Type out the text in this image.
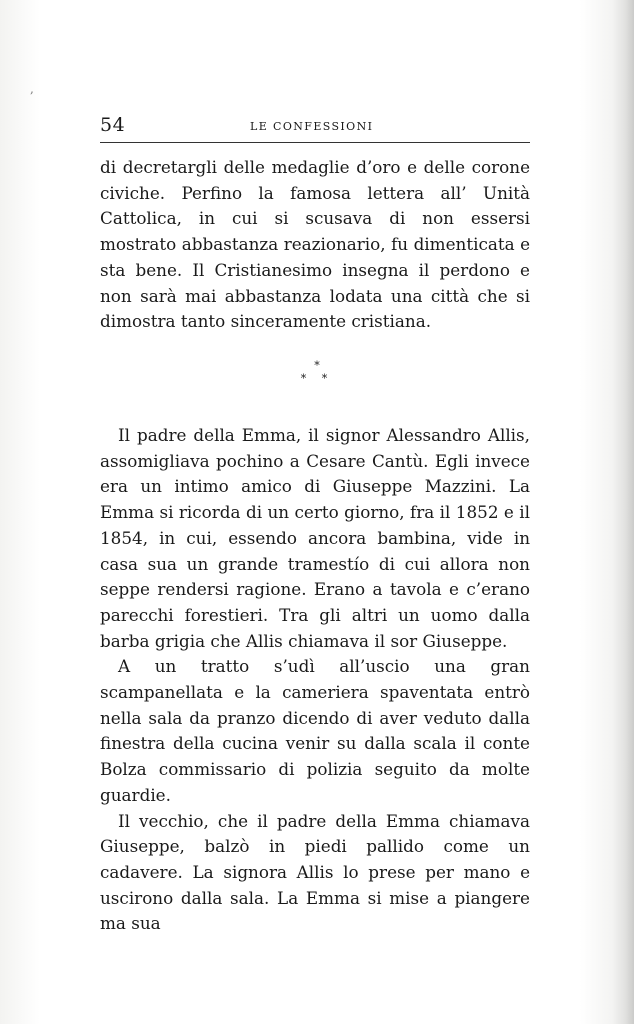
,
54	LE CONFESSIONI

di decretargli delle medaglie d’oro e delle corone civiche. Perfino la famosa lettera all’ Unità Cattolica, in cui si scusava di non essersi mostrato abbastanza reazionario, fu dimenticata e sta bene. Il Cristianesimo insegna il perdono e non sarà mai abbastanza lodata una città che si dimostra tanto sinceramente cristiana.

*
* *

Il padre della Emma, il signor Alessandro Allis, assomigliava pochino a Cesare Cantù. Egli invece era un intimo amico di Giuseppe Mazzini. La Emma si ricorda di un certo giorno, fra il 1852 e il 1854, in cui, essendo ancora bambina, vide in casa sua un grande tramestío di cui allora non seppe rendersi ragione. Erano a tavola e c’erano parecchi forestieri. Tra gli altri un uomo dalla barba grigia che Allis chiamava il sor Giuseppe.

A un tratto s’udì all’uscio una gran scampanellata e la cameriera spaventata entrò nella sala da pranzo dicendo di aver veduto dalla finestra della cucina venir su dalla scala il conte Bolza commissario di polizia seguito da molte guardie.

Il vecchio, che il padre della Emma chiamava Giuseppe, balzò in piedi pallido come un cadavere. La signora Allis lo prese per mano e uscirono dalla sala. La Emma si mise a piangere ma sua
